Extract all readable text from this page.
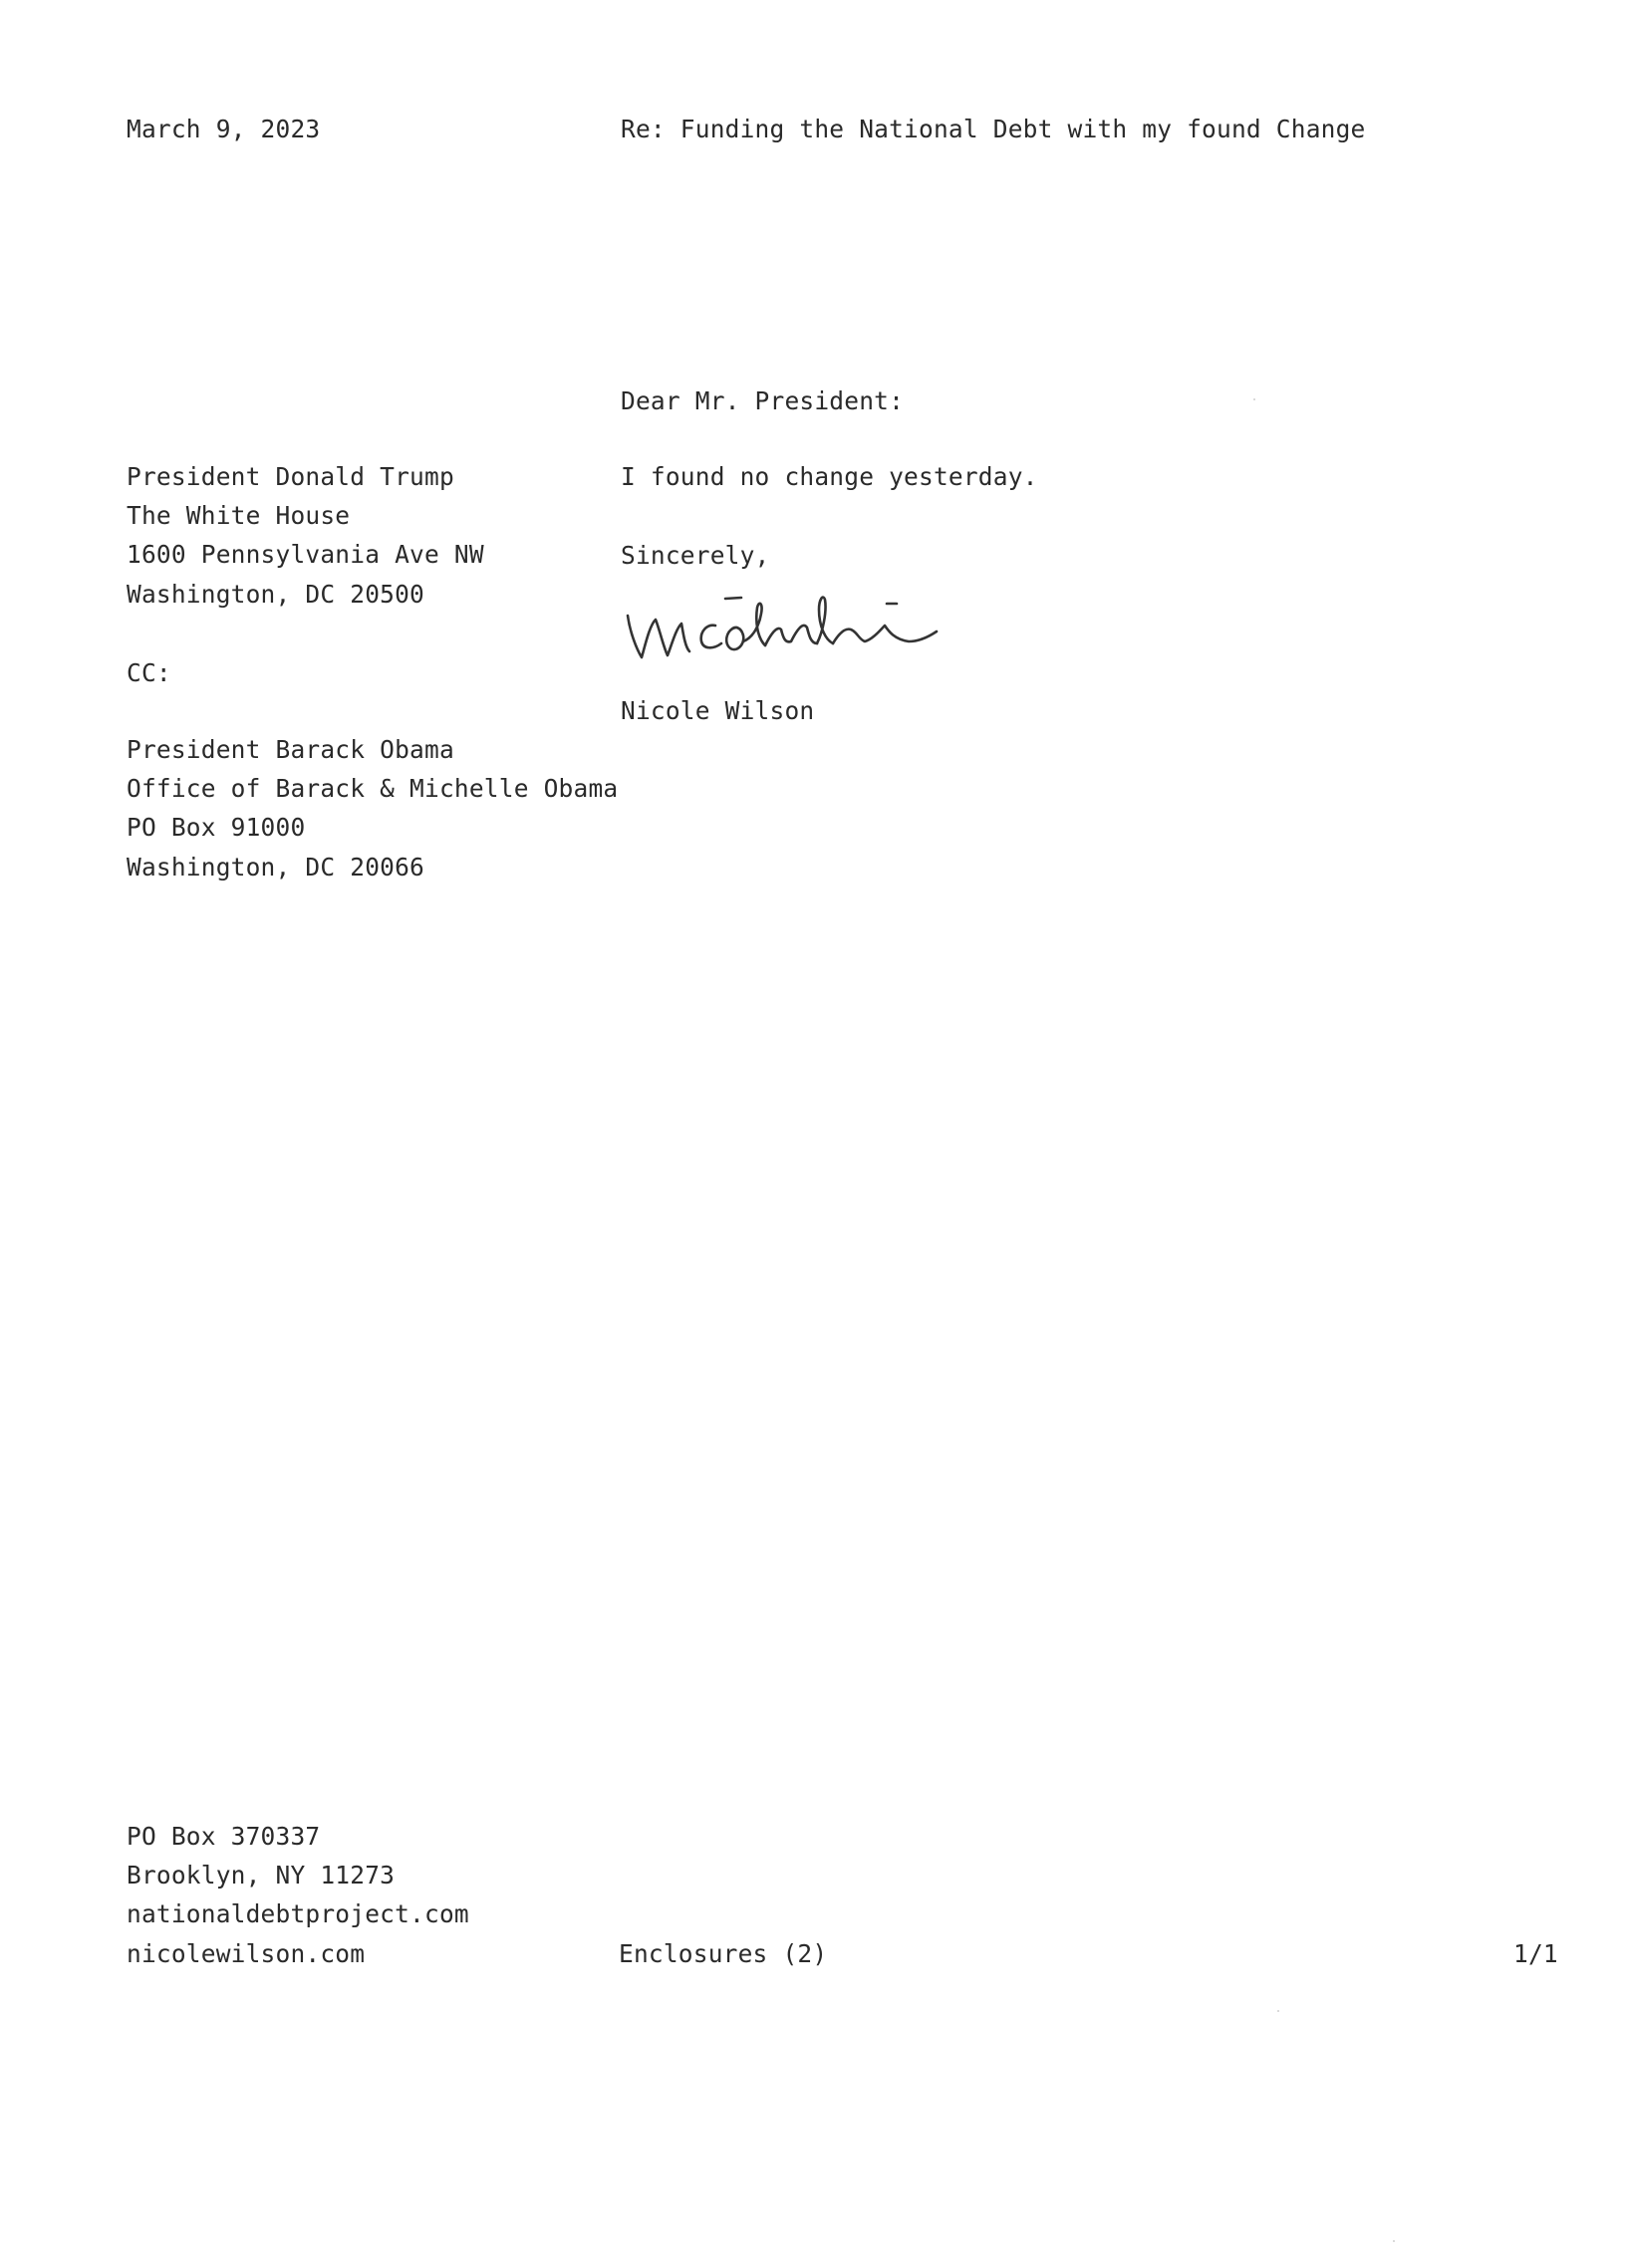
March 9, 2023	Re: Funding the National Debt with my found Change
Dear Mr. President:
President Donald Trump
The White House
1600 Pennsylvania Ave NW
Washington, DC 20500
I found no change yesterday.
Sincerely,
Nicole Wilson
CC:
President Barack Obama
Office of Barack & Michelle Obama
PO Box 91000
Washington, DC 20066
PO Box 370337
Brooklyn, NY 11273
nationaldebtproject.com
nicolewilson.com	Enclosures (2)	1/1
